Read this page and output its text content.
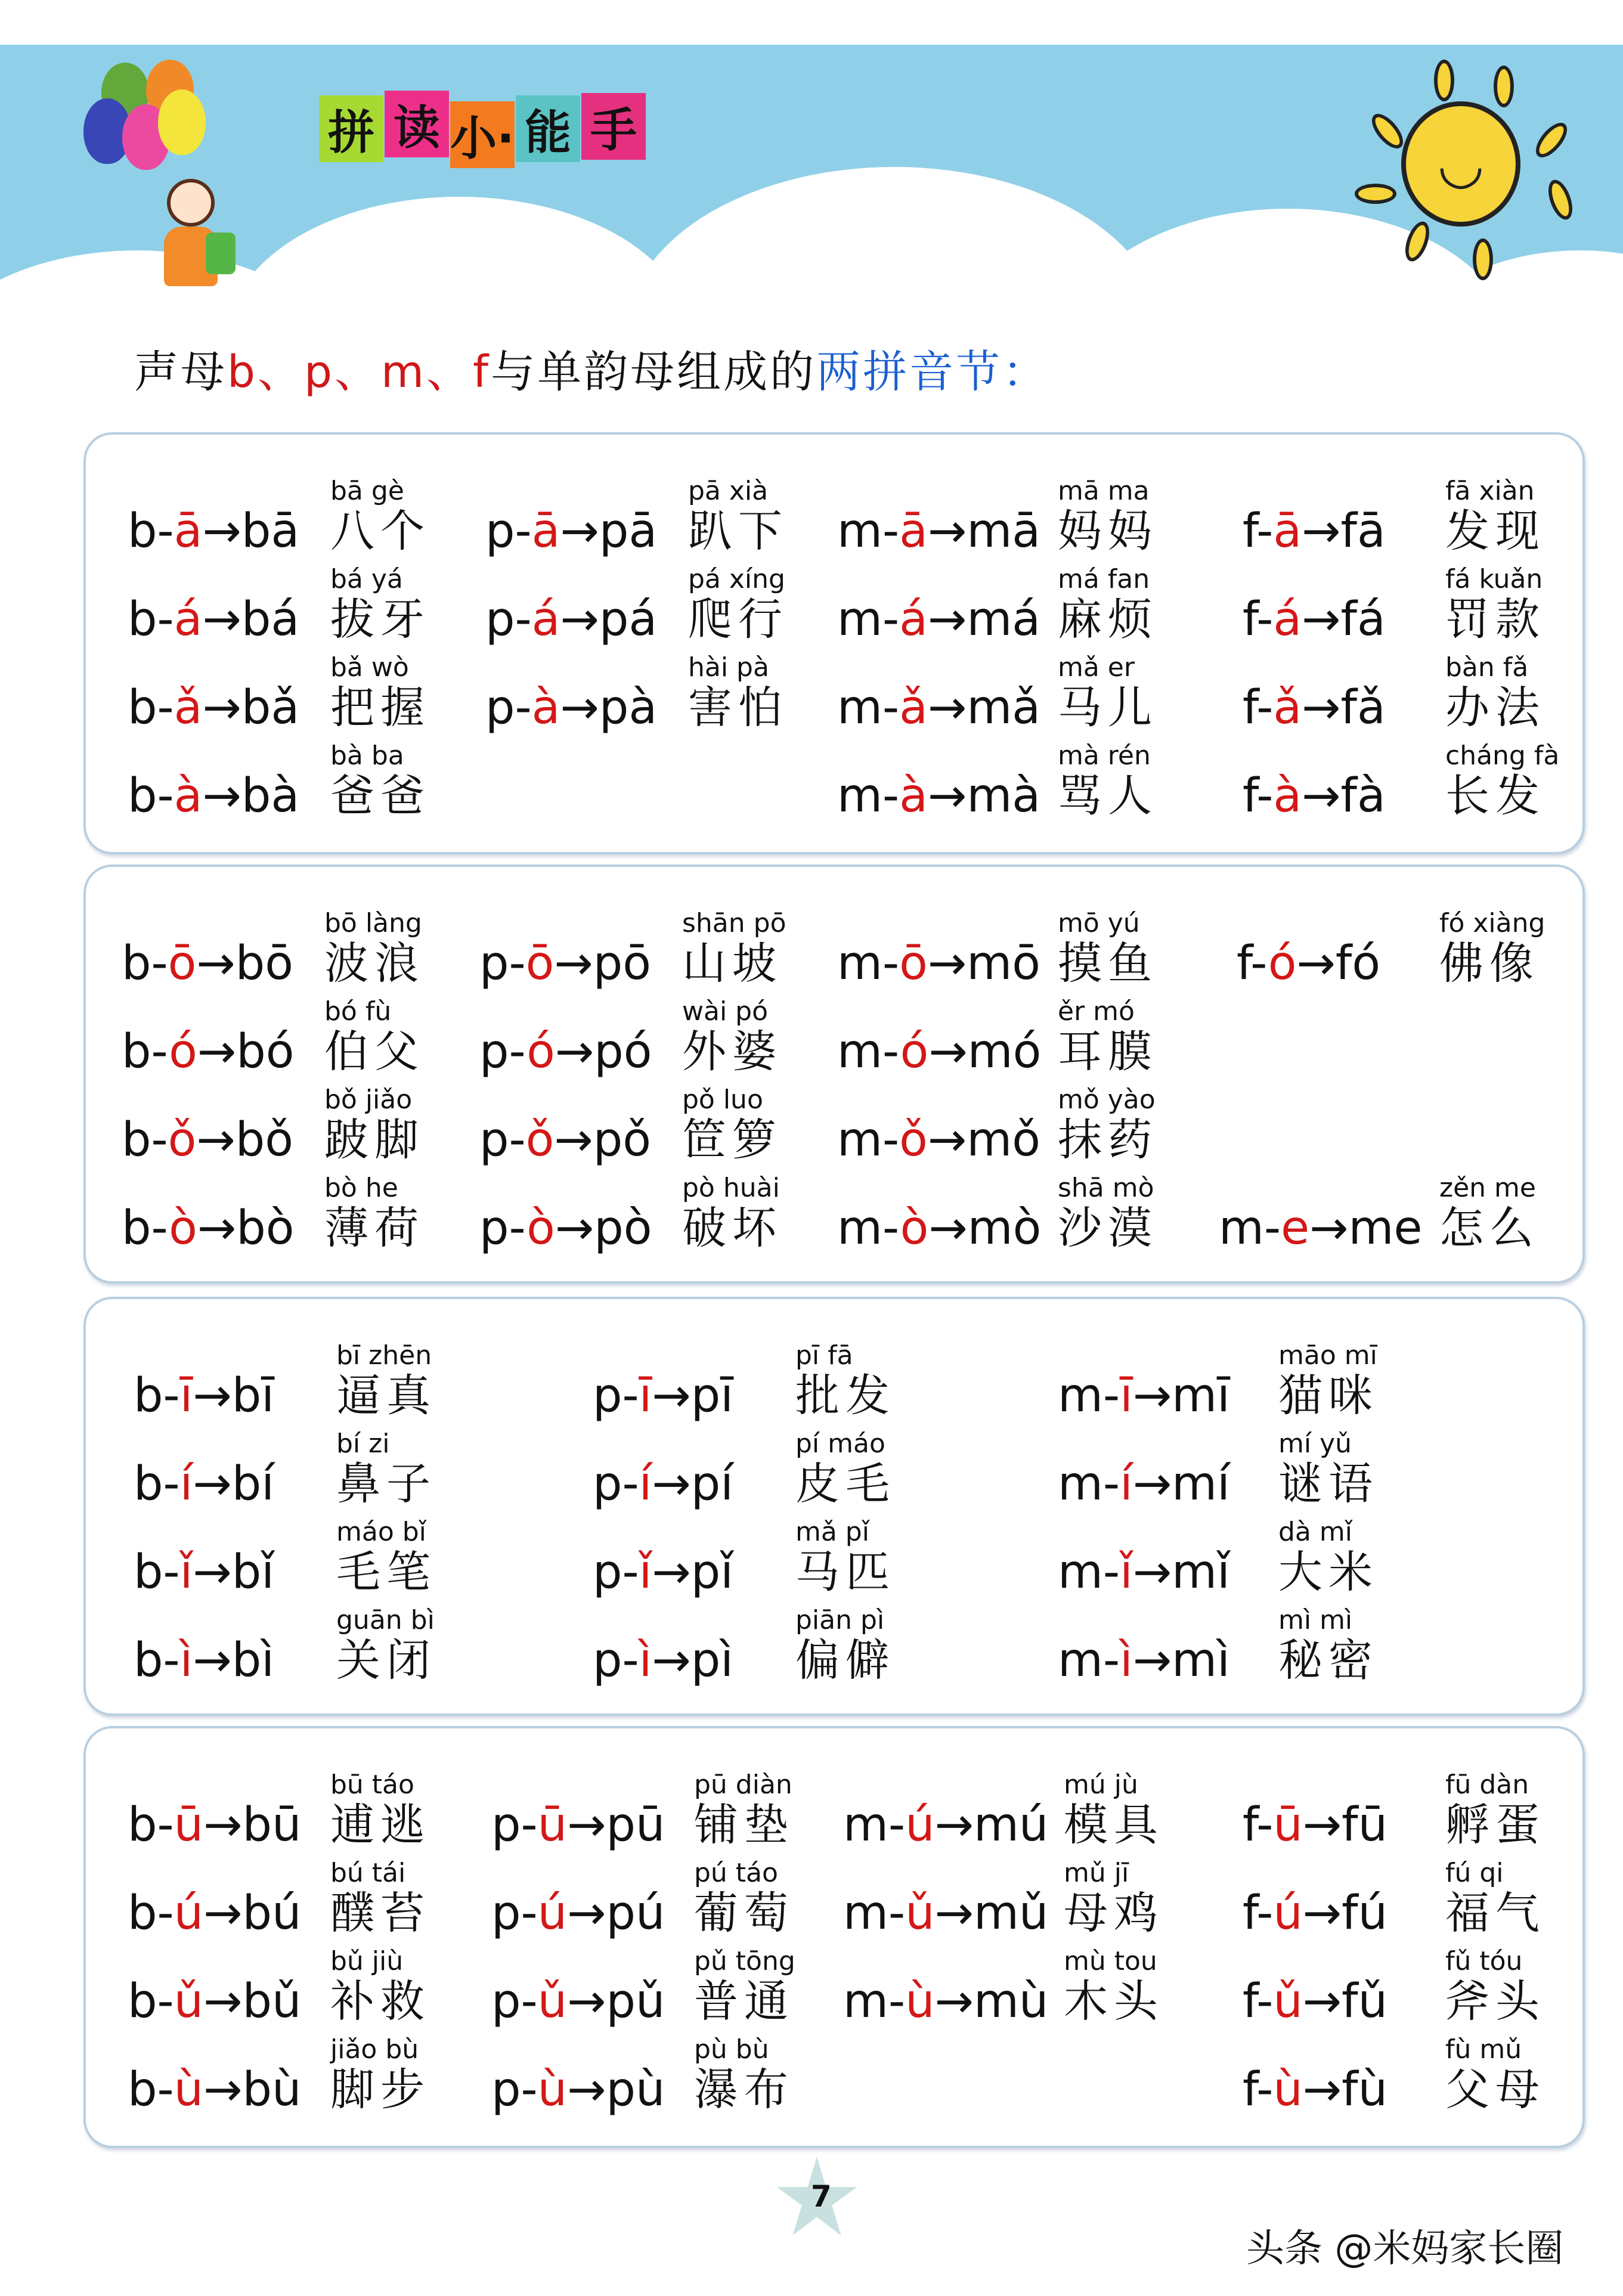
拼 读 小· 能 手
◡
声母b、p、m、f与单韵母组成的两拼音节：
b-ā→bā
bā gè
八个
b-á→bá
bá yá
拔牙
b-ǎ→bǎ
bǎ wò
把握
b-à→bà
bà ba
爸爸
p-ā→pā
pā xià
趴下
p-á→pá
pá xíng
爬行
p-à→pà
hài pà
害怕
m-ā→mā
mā ma
妈妈
m-á→má
má fan
麻烦
m-ǎ→mǎ
mǎ er
马儿
m-à→mà
mà rén
骂人
f-ā→fā
fā xiàn
发现
f-á→fá
fá kuǎn
罚款
f-ǎ→fǎ
bàn fǎ
办法
f-à→fà
cháng fà
长发
b-ō→bō
bō làng
波浪
b-ó→bó
bó fù
伯父
b-ǒ→bǒ
bǒ jiǎo
跛脚
b-ò→bò
bò he
薄荷
p-ō→pō
shān pō
山坡
p-ó→pó
wài pó
外婆
p-ǒ→pǒ
pǒ luo
笸箩
p-ò→pò
pò huài
破坏
m-ō→mō
mō yú
摸鱼
m-ó→mó
ěr mó
耳膜
m-ǒ→mǒ
mǒ yào
抹药
m-ò→mò
shā mò
沙漠
f-ó→fó
fó xiàng
佛像
m-e→me
zěn me
怎么
b-ī→bī
bī zhēn
逼真
b-í→bí
bí zi
鼻子
b-ǐ→bǐ
máo bǐ
毛笔
b-ì→bì
guān bì
关闭
p-ī→pī
pī fā
批发
p-í→pí
pí máo
皮毛
p-ǐ→pǐ
mǎ pǐ
马匹
p-ì→pì
piān pì
偏僻
m-ī→mī
māo mī
猫咪
m-í→mí
mí yǔ
谜语
m-ǐ→mǐ
dà mǐ
大米
m-ì→mì
mì mì
秘密
b-ū→bū
bū táo
逋逃
b-ú→bú
bú tái
醭苔
b-ǔ→bǔ
bǔ jiù
补救
b-ù→bù
jiǎo bù
脚步
p-ū→pū
pū diàn
铺垫
p-ú→pú
pú táo
葡萄
p-ǔ→pǔ
pǔ tōng
普通
p-ù→pù
pù bù
瀑布
m-ú→mú
mú jù
模具
m-ǔ→mǔ
mǔ jī
母鸡
m-ù→mù
mù tou
木头
f-ū→fū
fū dàn
孵蛋
f-ú→fú
fú qi
福气
f-ǔ→fǔ
fǔ tóu
斧头
f-ù→fù
fù mǔ
父母
7
头条 @米妈家长圈
